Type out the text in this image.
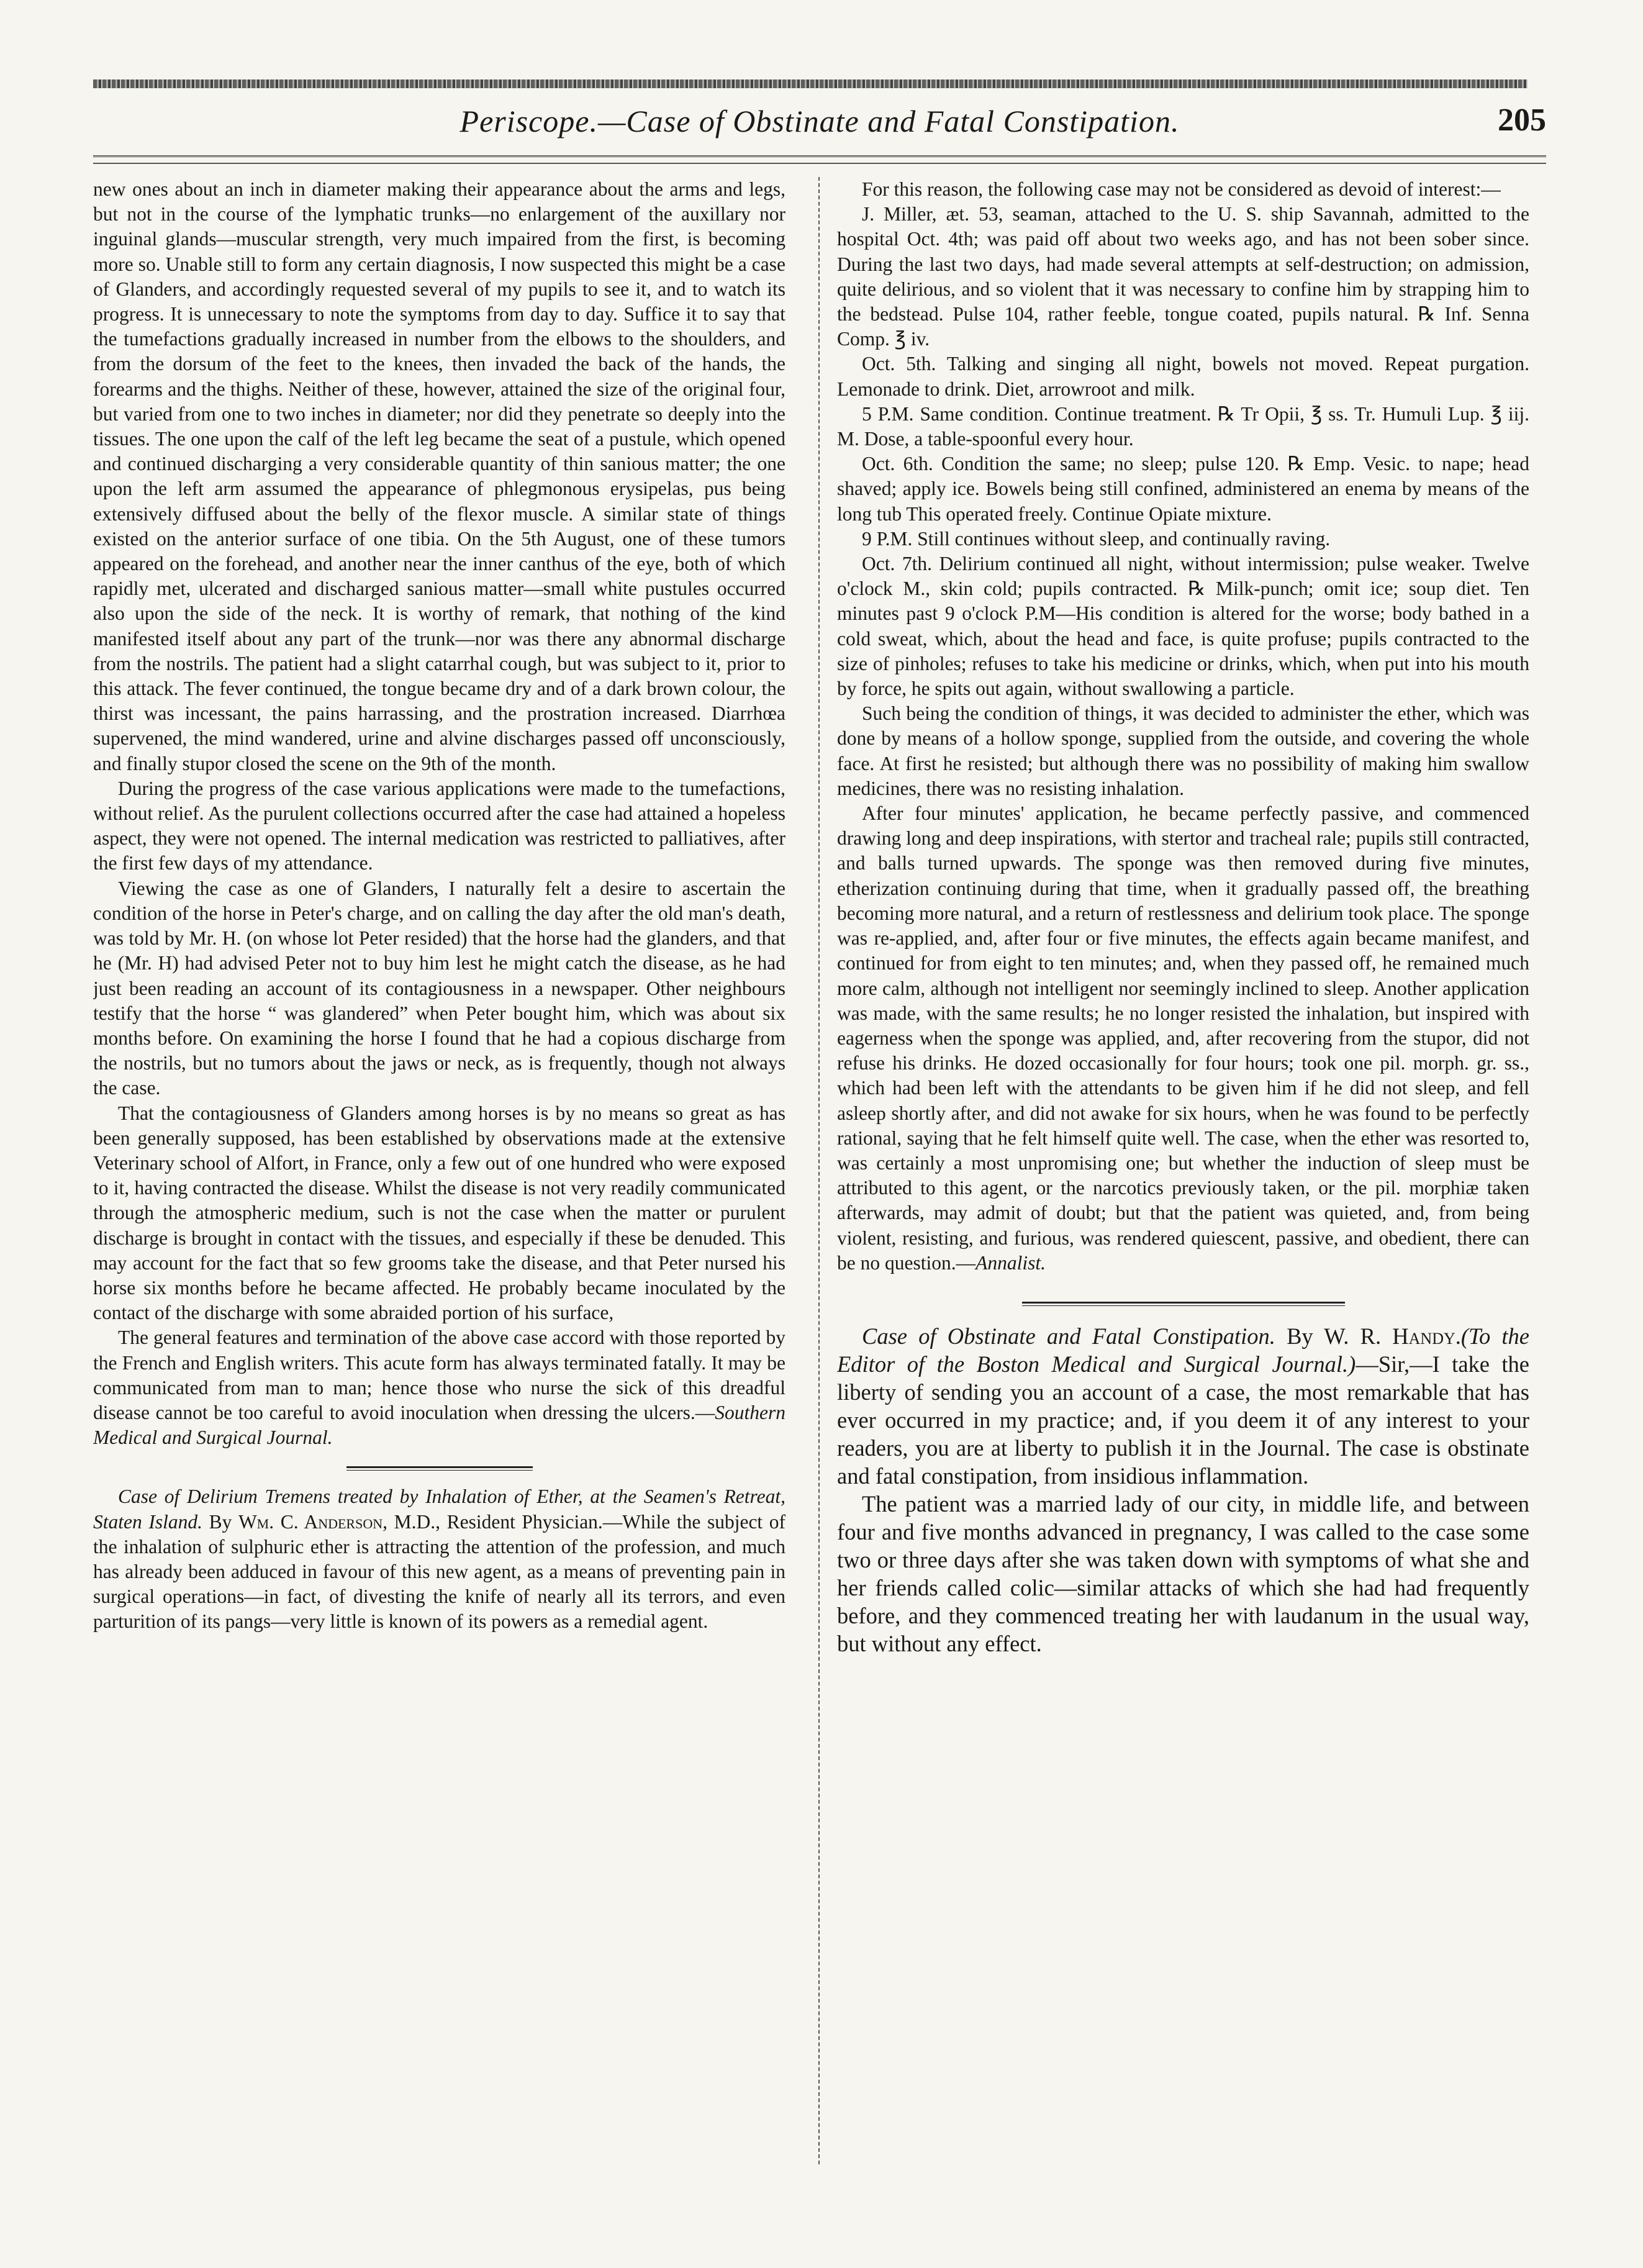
Periscope.—Case of Obstinate and Fatal Constipation.	205

new ones about an inch in diameter making their appearance about the arms and legs, but not in the course of the lymphatic trunks—no enlargement of the auxillary nor inguinal glands—muscular strength, very much impaired from the first, is becoming more so. Unable still to form any certain diagnosis, I now suspected this might be a case of Glanders, and accordingly requested several of my pupils to see it, and to watch its progress. It is unnecessary to note the symptoms from day to day. Suffice it to say that the tumefactions gradually increased in number from the elbows to the shoulders, and from the dorsum of the feet to the knees, then invaded the back of the hands, the forearms and the thighs. Neither of these, however, attained the size of the original four, but varied from one to two inches in diameter; nor did they penetrate so deeply into the tissues. The one upon the calf of the left leg became the seat of a pustule, which opened and continued discharging a very considerable quantity of thin sanious matter; the one upon the left arm assumed the appearance of phlegmonous erysipelas, pus being extensively diffused about the belly of the flexor muscle. A similar state of things existed on the anterior surface of one tibia. On the 5th August, one of these tumors appeared on the forehead, and another near the inner canthus of the eye, both of which rapidly met, ulcerated and discharged sanious matter—small white pustules occurred also upon the side of the neck. It is worthy of remark, that nothing of the kind manifested itself about any part of the trunk—nor was there any abnormal discharge from the nostrils. The patient had a slight catarrhal cough, but was subject to it, prior to this attack. The fever continued, the tongue became dry and of a dark brown colour, the thirst was incessant, the pains harrassing, and the prostration increased. Diarrhœa supervened, the mind wandered, urine and alvine discharges passed off unconsciously, and finally stupor closed the scene on the 9th of the month.

During the progress of the case various applications were made to the tumefactions, without relief. As the purulent collections occurred after the case had attained a hopeless aspect, they were not opened. The internal medication was restricted to palliatives, after the first few days of my attendance.

Viewing the case as one of Glanders, I naturally felt a desire to ascertain the condition of the horse in Peter's charge, and on calling the day after the old man's death, was told by Mr. H. (on whose lot Peter resided) that the horse had the glanders, and that he (Mr. H) had advised Peter not to buy him lest he might catch the disease, as he had just been reading an account of its contagiousness in a newspaper. Other neighbours testify that the horse “ was glandered” when Peter bought him, which was about six months before. On examining the horse I found that he had a copious discharge from the nostrils, but no tumors about the jaws or neck, as is frequently, though not always the case.

That the contagiousness of Glanders among horses is by no means so great as has been generally supposed, has been established by observations made at the extensive Veterinary school of Alfort, in France, only a few out of one hundred who were exposed to it, having contracted the disease. Whilst the disease is not very readily communicated through the atmospheric medium, such is not the case when the matter or purulent discharge is brought in contact with the tissues, and especially if these be denuded. This may account for the fact that so few grooms take the disease, and that Peter nursed his horse six months before he became affected. He probably became inoculated by the contact of the discharge with some abraided portion of his surface,

The general features and termination of the above case accord with those reported by the French and English writers. This acute form has always terminated fatally. It may be communicated from man to man; hence those who nurse the sick of this dreadful disease cannot be too careful to avoid inoculation when dressing the ulcers.—Southern Medical and Surgical Journal.

Case of Delirium Tremens treated by Inhalation of Ether, at the Seamen's Retreat, Staten Island. By Wm. C. Anderson, M.D., Resident Physician.—While the subject of the inhalation of sulphuric ether is attracting the attention of the profession, and much has already been adduced in favour of this new agent, as a means of preventing pain in surgical operations—in fact, of divesting the knife of nearly all its terrors, and even parturition of its pangs—very little is known of its powers as a remedial agent.

For this reason, the following case may not be considered as devoid of interest:—

J. Miller, æt. 53, seaman, attached to the U. S. ship Savannah, admitted to the hospital Oct. 4th; was paid off about two weeks ago, and has not been sober since. During the last two days, had made several attempts at self-destruction; on admission, quite delirious, and so violent that it was necessary to confine him by strapping him to the bedstead. Pulse 104, rather feeble, tongue coated, pupils natural. ℞ Inf. Senna Comp. ℥ iv.

Oct. 5th. Talking and singing all night, bowels not moved. Repeat purgation. Lemonade to drink. Diet, arrowroot and milk.

5 P.M. Same condition. Continue treatment. ℞ Tr Opii, ℥ ss. Tr. Humuli Lup. ℥ iij. M. Dose, a table-spoonful every hour.

Oct. 6th. Condition the same; no sleep; pulse 120. ℞ Emp. Vesic. to nape; head shaved; apply ice. Bowels being still confined, administered an enema by means of the long tub This operated freely. Continue Opiate mixture.

9 P.M. Still continues without sleep, and continually raving.

Oct. 7th. Delirium continued all night, without intermission; pulse weaker. Twelve o'clock M., skin cold; pupils contracted. ℞ Milk-punch; omit ice; soup diet. Ten minutes past 9 o'clock P.M—His condition is altered for the worse; body bathed in a cold sweat, which, about the head and face, is quite profuse; pupils contracted to the size of pinholes; refuses to take his medicine or drinks, which, when put into his mouth by force, he spits out again, without swallowing a particle.

Such being the condition of things, it was decided to administer the ether, which was done by means of a hollow sponge, supplied from the outside, and covering the whole face. At first he resisted; but although there was no possibility of making him swallow medicines, there was no resisting inhalation.

After four minutes' application, he became perfectly passive, and commenced drawing long and deep inspirations, with stertor and tracheal rale; pupils still contracted, and balls turned upwards. The sponge was then removed during five minutes, etherization continuing during that time, when it gradually passed off, the breathing becoming more natural, and a return of restlessness and delirium took place. The sponge was re-applied, and, after four or five minutes, the effects again became manifest, and continued for from eight to ten minutes; and, when they passed off, he remained much more calm, although not intelligent nor seemingly inclined to sleep. Another application was made, with the same results; he no longer resisted the inhalation, but inspired with eagerness when the sponge was applied, and, after recovering from the stupor, did not refuse his drinks. He dozed occasionally for four hours; took one pil. morph. gr. ss., which had been left with the attendants to be given him if he did not sleep, and fell asleep shortly after, and did not awake for six hours, when he was found to be perfectly rational, saying that he felt himself quite well. The case, when the ether was resorted to, was certainly a most unpromising one; but whether the induction of sleep must be attributed to this agent, or the narcotics previously taken, or the pil. morphiæ taken afterwards, may admit of doubt; but that the patient was quieted, and, from being violent, resisting, and furious, was rendered quiescent, passive, and obedient, there can be no question.—Annalist.

Case of Obstinate and Fatal Constipation. By W. R. Handy.(To the Editor of the Boston Medical and Surgical Journal.)—Sir,—I take the liberty of sending you an account of a case, the most remarkable that has ever occurred in my practice; and, if you deem it of any interest to your readers, you are at liberty to publish it in the Journal. The case is obstinate and fatal constipation, from insidious inflammation.

The patient was a married lady of our city, in middle life, and between four and five months advanced in pregnancy, I was called to the case some two or three days after she was taken down with symptoms of what she and her friends called colic—similar attacks of which she had had frequently before, and they commenced treating her with laudanum in the usual way, but without any effect.
